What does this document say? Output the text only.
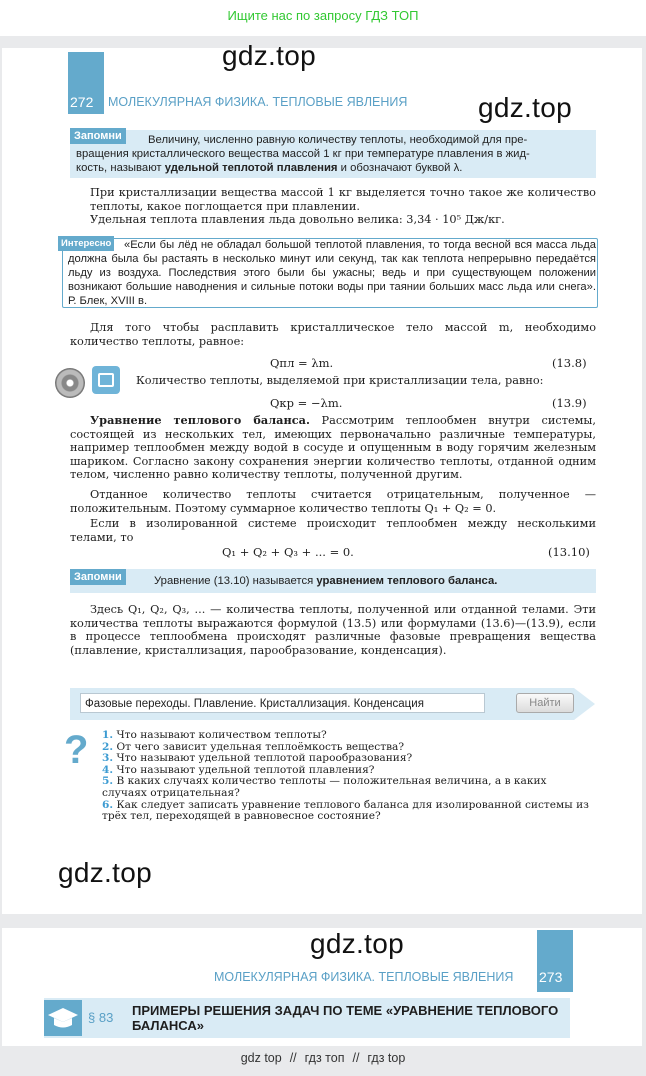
Ищите нас по запросу ГДЗ ТОП
272 МОЛЕКУЛЯРНАЯ ФИЗИКА. ТЕПЛОВЫЕ ЯВЛЕНИЯ
gdz.top
gdz.top
Запомни	Величину, численно равную количеству теплоты, необходимой для пре-
вращения кристаллического вещества массой 1 кг при температуре плавления в жид-
кость, называют удельной теплотой плавления и обозначают буквой λ.
При кристаллизации вещества массой 1 кг выделяется точно такое же количество теплоты, какое поглощается при плавлении.
Удельная теплота плавления льда довольно велика: 3,34 · 10⁵ Дж/кг.
Интересно	«Если бы лёд не обладал большой теплотой плавления, то тогда весной вся масса льда должна была бы растаять в несколько минут или секунд, так как теплота непрерывно передаётся льду из воздуха. Последствия этого были бы ужасны; ведь и при существующем положении возникают большие наводнения и сильные потоки воды при таянии больших масс льда или снега». Р. Блек, XVIII в.
Для того чтобы расплавить кристаллическое тело массой m, необходимо количество теплоты, равное:
Qпл = λm.	(13.8)
Количество теплоты, выделяемой при кристаллизации тела, равно:
Qкр = −λm.	(13.9)
Уравнение теплового баланса. Рассмотрим теплообмен внутри системы, состоящей из нескольких тел, имеющих первоначально различные температуры, например теплообмен между водой в сосуде и опущенным в воду горячим железным шариком. Согласно закону сохранения энергии количество теплоты, отданной одним телом, численно равно количеству теплоты, полученной другим.
Отданное количество теплоты считается отрицательным, полученное — положительным. Поэтому суммарное количество теплоты Q₁ + Q₂ = 0.
Если в изолированной системе происходит теплообмен между несколькими телами, то
Q₁ + Q₂ + Q₃ + ... = 0.	(13.10)
Запомни	Уравнение (13.10) называется уравнением теплового баланса.
Здесь Q₁, Q₂, Q₃, ... — количества теплоты, полученной или отданной телами. Эти количества теплоты выражаются формулой (13.5) или формулами (13.6)—(13.9), если в процессе теплообмена происходят различные фазовые превращения вещества (плавление, кристаллизация, парообразование, конденсация).
Фазовые переходы. Плавление. Кристаллизация. Конденсация	Найти
? 1. Что называют количеством теплоты?
2. От чего зависит удельная теплоёмкость вещества?
3. Что называют удельной теплотой парообразования?
4. Что называют удельной теплотой плавления?
5. В каких случаях количество теплоты — положительная величина, а в каких случаях отрицательная?
6. Как следует записать уравнение теплового баланса для изолированной системы из трёх тел, переходящей в равновесное состояние?
gdz.top
gdz.top
МОЛЕКУЛЯРНАЯ ФИЗИКА. ТЕПЛОВЫЕ ЯВЛЕНИЯ 273
§ 83 ПРИМЕРЫ РЕШЕНИЯ ЗАДАЧ ПО ТЕМЕ «УРАВНЕНИЕ ТЕПЛОВОГО БАЛАНСА»
gdz top // гдз топ // гдз top
